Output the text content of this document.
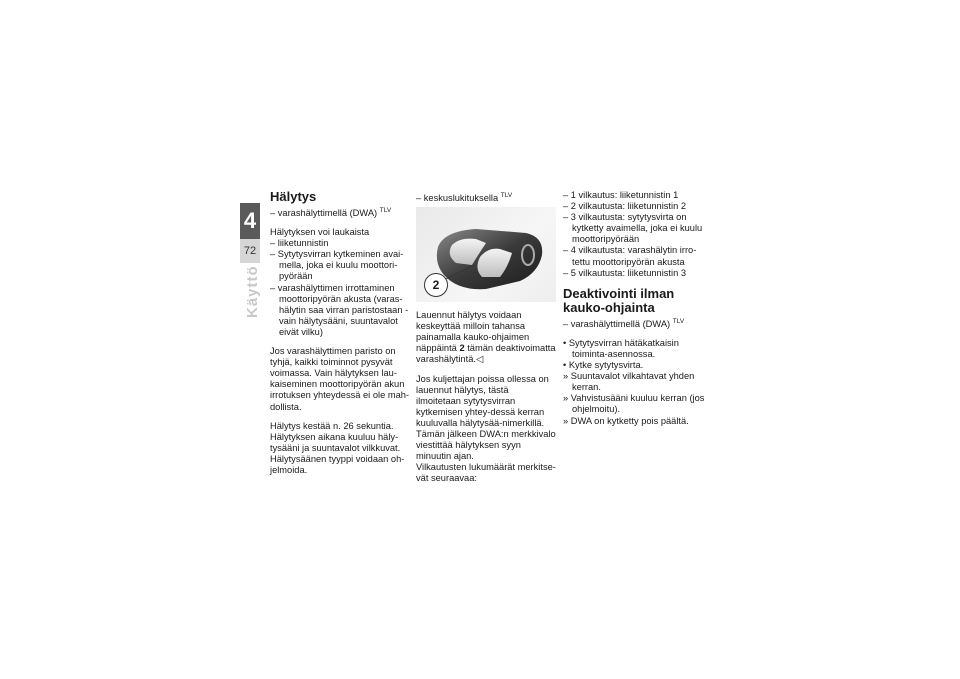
4
72
Käyttö
Hälytys

– varashälyttimellä (DWA) $^{TLV}$

Hälytyksen voi laukaista

– liiketunnistin

– Sytytysvirran kytkeminen avai-mella, joka ei kuulu moottori-pyörään

– varashälyttimen irrottaminen moottoripyörän akusta (varas-hälytin saa virran paristostaan - vain hälytysääni, suuntavalot eivät vilku)

Jos varashälyttimen paristo on tyhjä, kaikki toiminnot pysyvät voimassa. Vain hälytyksen lau-kaiseminen moottoripyörän akun irrotuksen yhteydessä ei ole mah-dollista.

Hälytys kestää n. 26 sekuntia. Hälytyksen aikana kuuluu häly-tysääni ja suuntavalot vilkkuvat. Hälytysäänen tyyppi voidaan oh-jelmoida.

– keskuslukituksella $^{TLV}$

2

Lauennut hälytys voidaan keskeyttää milloin tahansa painamalla kauko-ohjaimen näppäintä 2 tämän deaktivoimatta varashälytintä.◁

Jos kuljettajan poissa ollessa on lauennut hälytys, tästä ilmoitetaan sytytysvirran kytkemisen yhtey-dessä kerran kuuluvalla hälytysää-nimerkillä. Tämän jälkeen DWA:n merkkivalo viestittää hälytyksen syyn minuutin ajan.

Vilkautusten lukumäärät merkitse-vät seuraavaa:

– 1 vilkautus: liiketunnistin 1

– 2 vilkautusta: liiketunnistin 2

– 3 vilkautusta: sytytysvirta on kytketty avaimella, joka ei kuulu moottoripyörään

– 4 vilkautusta: varashälytin irro-tettu moottoripyörän akusta

– 5 vilkautusta: liiketunnistin 3

Deaktivointi ilman kauko-ohjainta

– varashälyttimellä (DWA) $^{TLV}$

• Sytytysvirran hätäkatkaisin toiminta-asennossa.

• Kytke sytytysvirta.

» Suuntavalot vilkahtavat yhden kerran.

» Vahvistusääni kuuluu kerran (jos ohjelmoitu).

» DWA on kytketty pois päältä.
